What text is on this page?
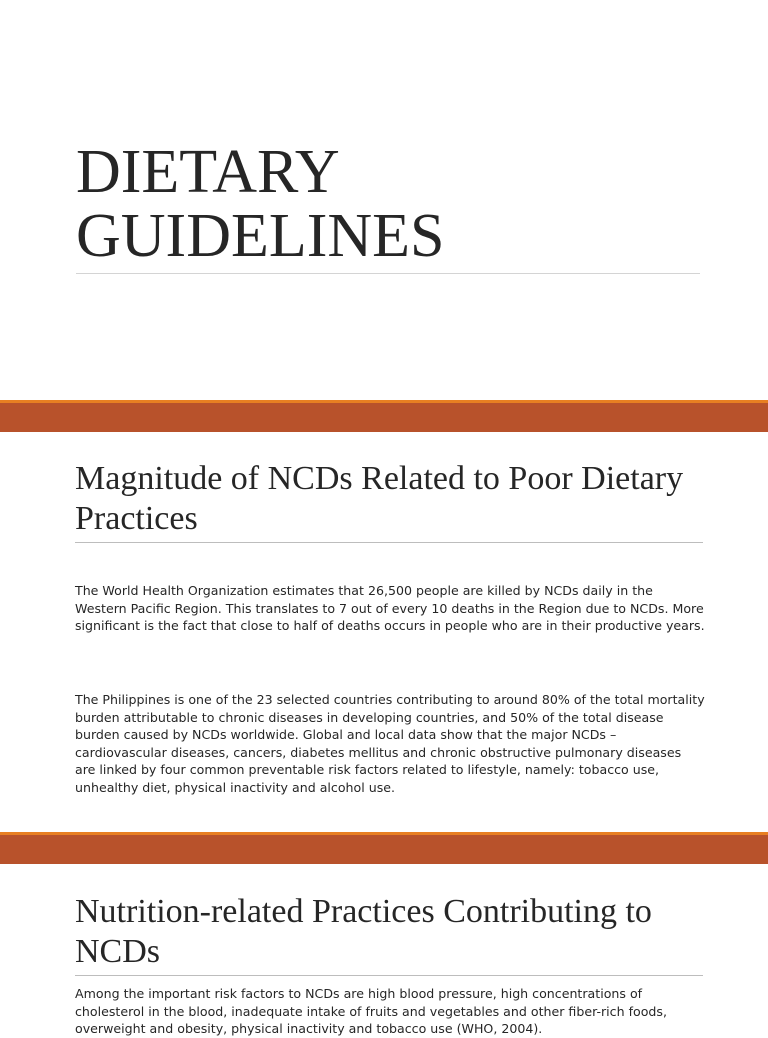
DIETARY
GUIDELINES
Magnitude of NCDs Related to Poor Dietary Practices

The World Health Organization estimates that 26,500 people are killed by NCDs daily in the Western Pacific Region. This translates to 7 out of every 10 deaths in the Region due to NCDs. More significant is the fact that close to half of deaths occurs in people who are in their productive years.

The Philippines is one of the 23 selected countries contributing to around 80% of the total mortality burden attributable to chronic diseases in developing countries, and 50% of the total disease burden caused by NCDs worldwide. Global and local data show that the major NCDs – cardiovascular diseases, cancers, diabetes mellitus and chronic obstructive pulmonary diseases are linked by four common preventable risk factors related to lifestyle, namely: tobacco use, unhealthy diet, physical inactivity and alcohol use.

Nutrition-related Practices Contributing to NCDs

Among the important risk factors to NCDs are high blood pressure, high concentrations of cholesterol in the blood, inadequate intake of fruits and vegetables and other fiber-rich foods, overweight and obesity, physical inactivity and tobacco use (WHO, 2004).
